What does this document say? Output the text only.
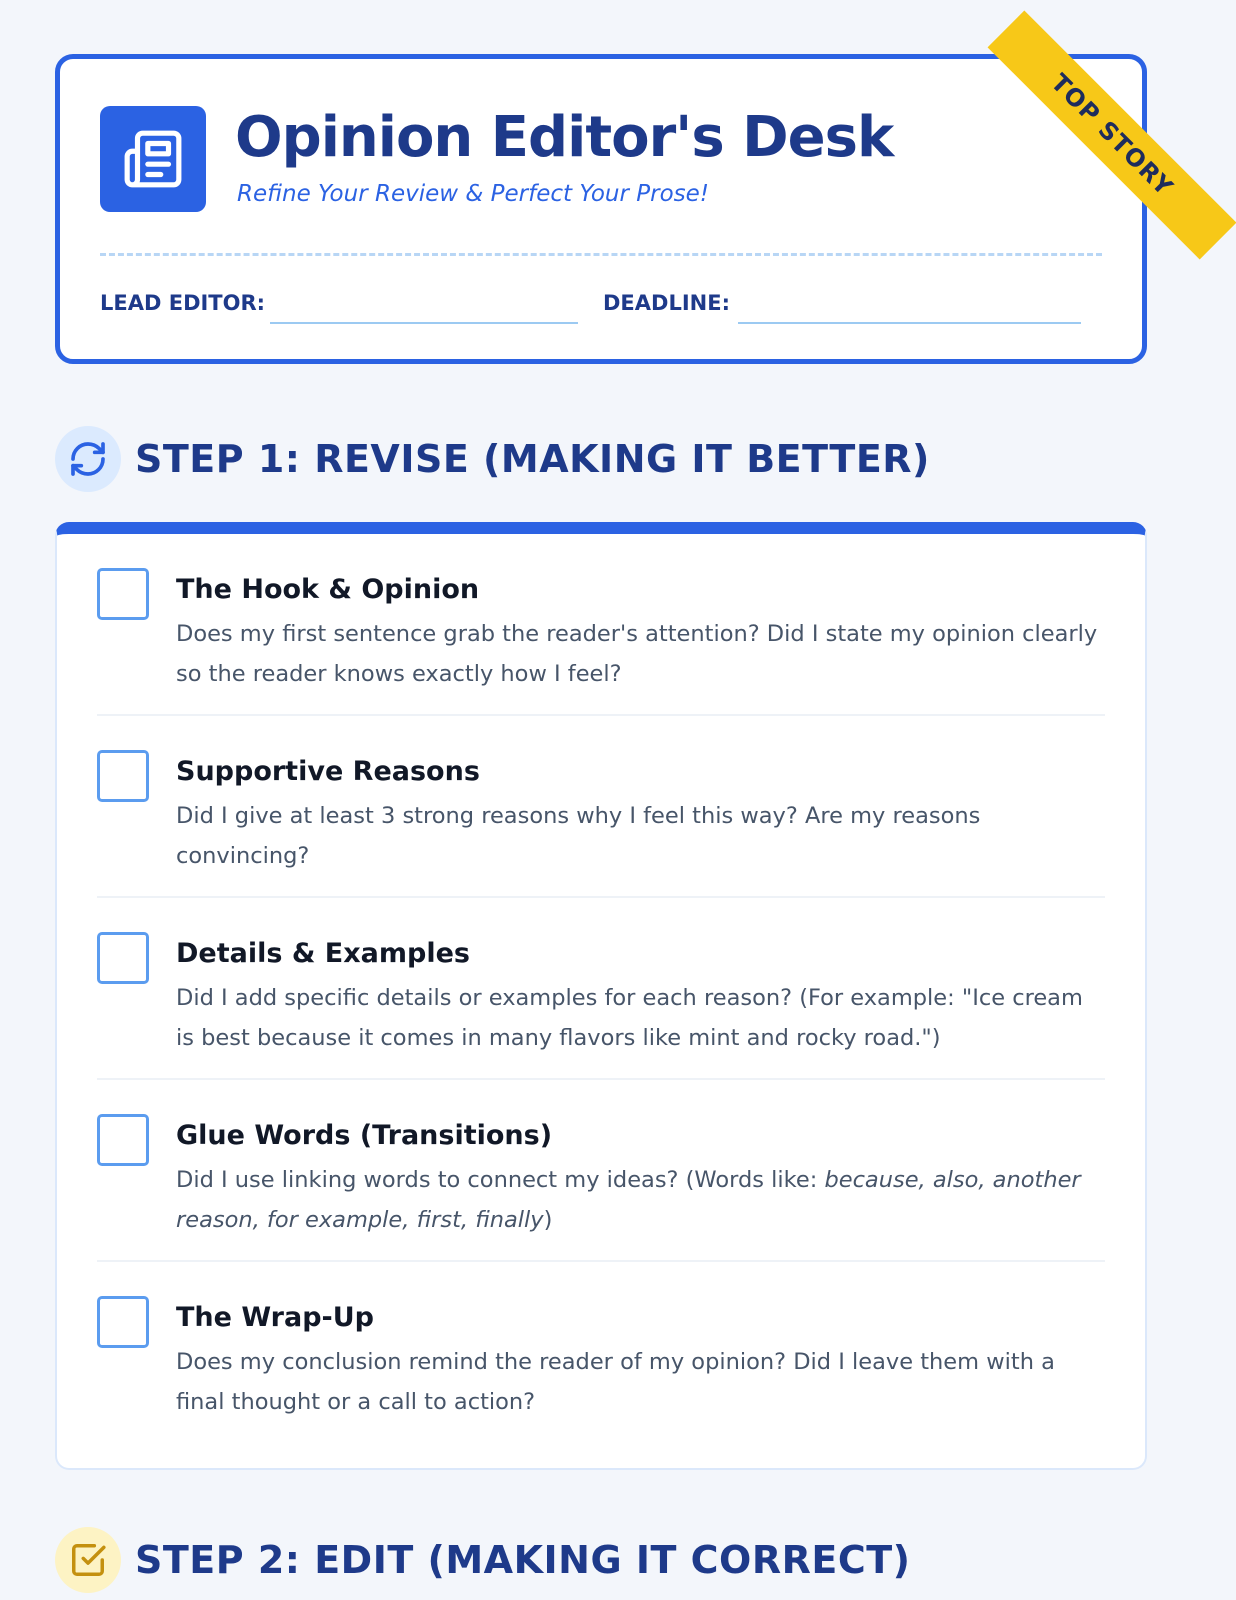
TOP STORY
Opinion Editor's Desk
Refine Your Review & Perfect Your Prose!
LEAD EDITOR:	DEADLINE:
STEP 1: REVISE (MAKING IT BETTER)
The Hook & Opinion
Does my first sentence grab the reader's attention? Did I state my opinion clearly so the reader knows exactly how I feel?
Supportive Reasons
Did I give at least 3 strong reasons why I feel this way? Are my reasons convincing?
Details & Examples
Did I add specific details or examples for each reason? (For example: "Ice cream is best because it comes in many flavors like mint and rocky road.")
Glue Words (Transitions)
Did I use linking words to connect my ideas? (Words like: because, also, another reason, for example, first, finally)
The Wrap-Up
Does my conclusion remind the reader of my opinion? Did I leave them with a final thought or a call to action?
STEP 2: EDIT (MAKING IT CORRECT)
